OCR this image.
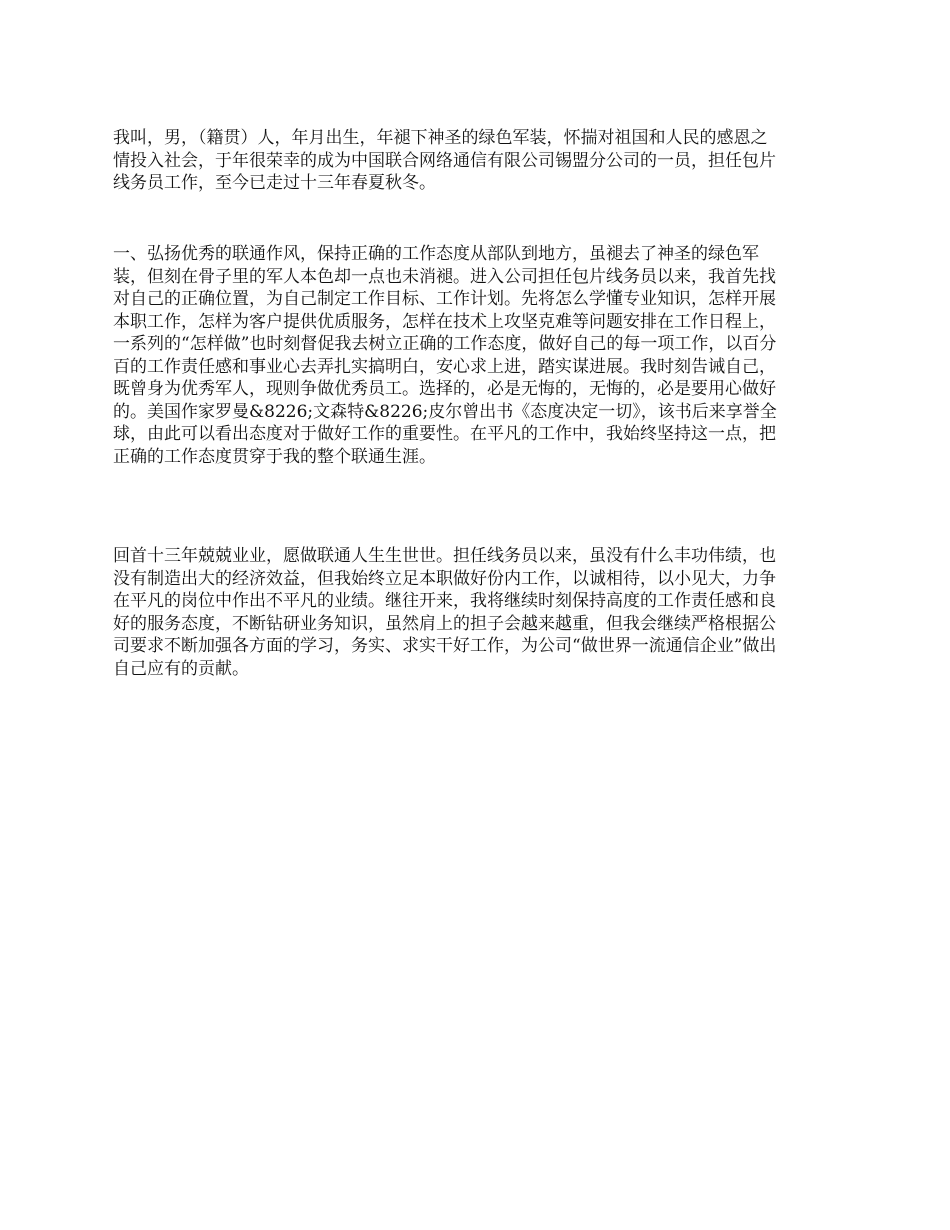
我叫，男，（籍贯）人，年月出生，年褪下神圣的绿色军装，怀揣对祖国和人民的感恩之
情投入社会，于年很荣幸的成为中国联合网络通信有限公司锡盟分公司的一员，担任包片
线务员工作，至今已走过十三年春夏秋冬。

一、弘扬优秀的联通作风，保持正确的工作态度从部队到地方，虽褪去了神圣的绿色军
装，但刻在骨子里的军人本色却一点也未消褪。进入公司担任包片线务员以来，我首先找
对自己的正确位置，为自己制定工作目标、工作计划。先将怎么学懂专业知识，怎样开展
本职工作，怎样为客户提供优质服务，怎样在技术上攻坚克难等问题安排在工作日程上，
一系列的“怎样做”也时刻督促我去树立正确的工作态度，做好自己的每一项工作，以百分
百的工作责任感和事业心去弄扎实搞明白，安心求上进，踏实谋进展。我时刻告诫自己，
既曾身为优秀军人，现则争做优秀员工。选择的，必是无悔的，无悔的，必是要用心做好
的。美国作家罗曼&8226;文森特&8226;皮尔曾出书《态度决定一切》，该书后来享誉全
球，由此可以看出态度对于做好工作的重要性。在平凡的工作中，我始终坚持这一点，把
正确的工作态度贯穿于我的整个联通生涯。

回首十三年兢兢业业，愿做联通人生生世世。担任线务员以来，虽没有什么丰功伟绩，也
没有制造出大的经济效益，但我始终立足本职做好份内工作，以诚相待，以小见大，力争
在平凡的岗位中作出不平凡的业绩。继往开来，我将继续时刻保持高度的工作责任感和良
好的服务态度，不断钻研业务知识，虽然肩上的担子会越来越重，但我会继续严格根据公
司要求不断加强各方面的学习，务实、求实干好工作，为公司“做世界一流通信企业”做出
自己应有的贡献。
